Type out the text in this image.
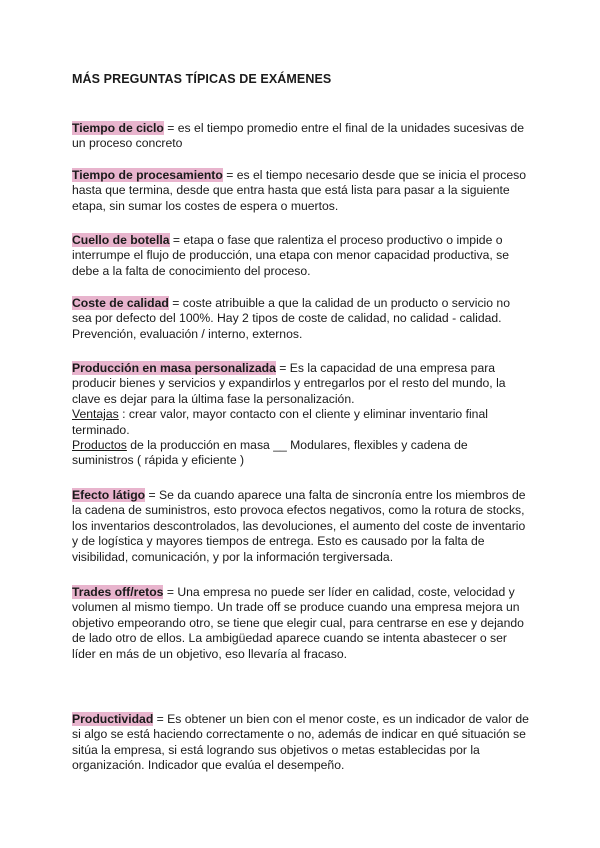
MÁS PREGUNTAS TÍPICAS DE EXÁMENES

Tiempo de ciclo = es el tiempo promedio entre el final de la unidades sucesivas de un proceso concreto

Tiempo de procesamiento = es el tiempo necesario desde que se inicia el proceso hasta que termina, desde que entra hasta que está lista para pasar a la siguiente etapa, sin sumar los costes de espera o muertos.

Cuello de botella = etapa o fase que ralentiza el proceso productivo o impide o interrumpe el flujo de producción, una etapa con menor capacidad productiva, se debe a la falta de conocimiento del proceso.

Coste de calidad = coste atribuible a que la calidad de un producto o servicio no sea por defecto del 100%. Hay 2 tipos de coste de calidad, no calidad - calidad.

Prevención, evaluación / interno, externos.

Producción en masa personalizada = Es la capacidad de una empresa para producir bienes y servicios y expandirlos y entregarlos por el resto del mundo, la clave es dejar para la última fase la personalización.

Ventajas : crear valor, mayor contacto con el cliente y eliminar inventario final terminado.

Productos de la producción en masa __ Modulares, flexibles y cadena de suministros ( rápida y eficiente )

Efecto látigo = Se da cuando aparece una falta de sincronía entre los miembros de la cadena de suministros, esto provoca efectos negativos, como la rotura de stocks, los inventarios descontrolados, las devoluciones, el aumento del coste de inventario y de logística y mayores tiempos de entrega. Esto es causado por la falta de visibilidad, comunicación, y por la información tergiversada.

Trades off/retos = Una empresa no puede ser líder en calidad, coste, velocidad y volumen al mismo tiempo. Un trade off se produce cuando una empresa mejora un objetivo empeorando otro, se tiene que elegir cual, para centrarse en ese y dejando de lado otro de ellos. La ambigüedad aparece cuando se intenta abastecer o ser líder en más de un objetivo, eso llevaría al fracaso.

Productividad = Es obtener un bien con el menor coste, es un indicador de valor de si algo se está haciendo correctamente o no, además de indicar en qué situación se sitúa la empresa, si está logrando sus objetivos o metas establecidas por la organización. Indicador que evalúa el desempeño.
